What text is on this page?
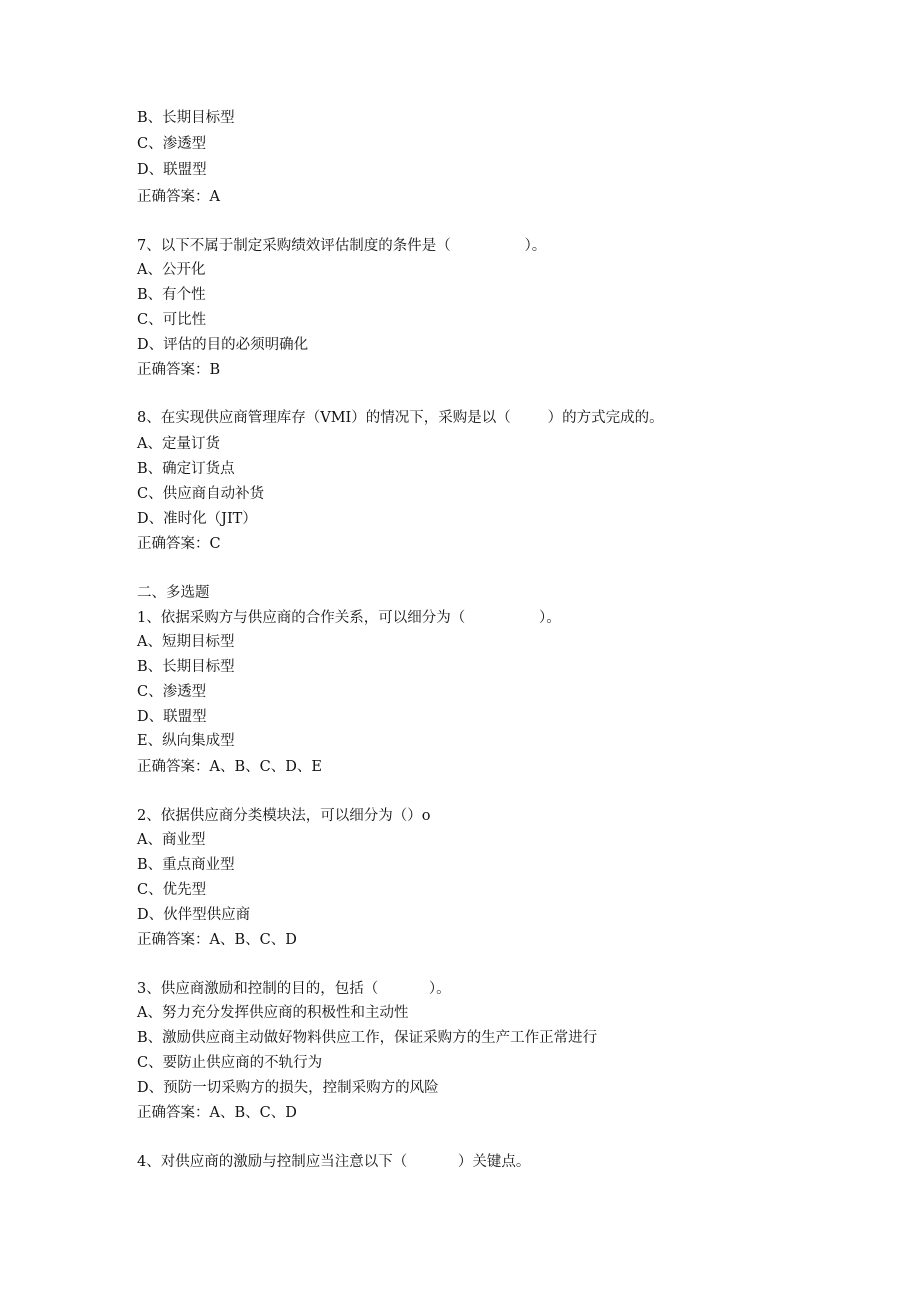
B、长期目标型
C、渗透型
D、联盟型
正确答案：A
7、以下不属于制定采购绩效评估制度的条件是（                ）。
A、公开化
B、有个性
C、可比性
D、评估的目的必须明确化
正确答案：B
8、在实现供应商管理库存（VMI）的情况下，采购是以（        ）的方式完成的。
A、定量订货
B、确定订货点
C、供应商自动补货
D、准时化（JIT）
正确答案：C
二、多选题
1、依据采购方与供应商的合作关系，可以细分为（                ）。
A、短期目标型
B、长期目标型
C、渗透型
D、联盟型
E、纵向集成型
正确答案：A、B、C、D、E
2、依据供应商分类模块法，可以细分为（）o
A、商业型
B、重点商业型
C、优先型
D、伙伴型供应商
正确答案：A、B、C、D
3、供应商激励和控制的目的，包括（           ）。
A、努力充分发挥供应商的积极性和主动性
B、激励供应商主动做好物料供应工作，保证采购方的生产工作正常进行
C、要防止供应商的不轨行为
D、预防一切采购方的损失，控制采购方的风险
正确答案：A、B、C、D
4、对供应商的激励与控制应当注意以下（           ）关键点。
